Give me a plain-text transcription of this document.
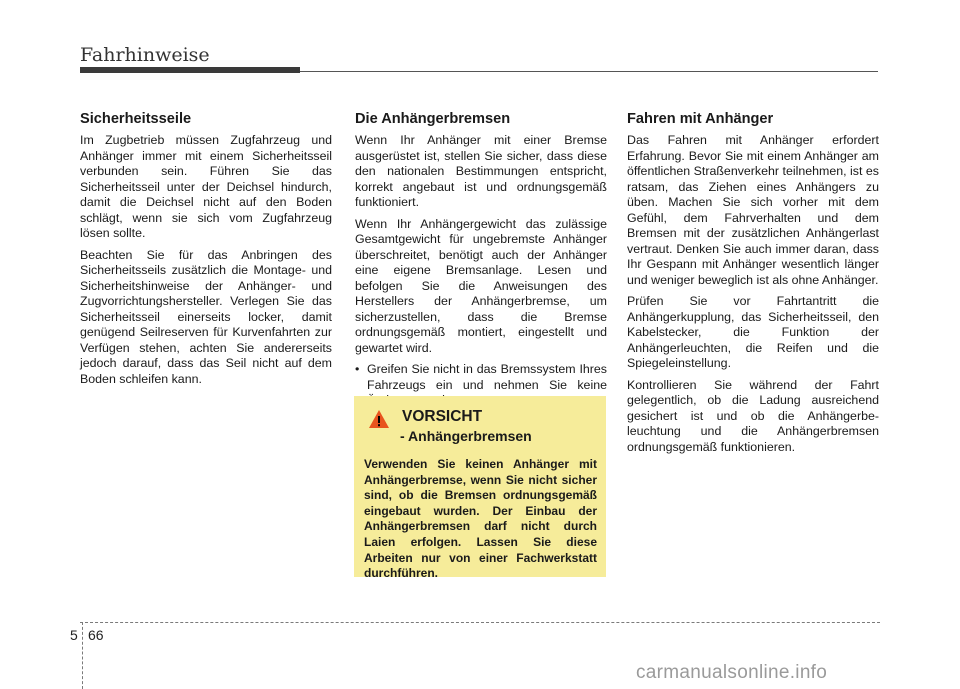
Fahrhinweise
Sicherheitsseile

Im Zugbetrieb müssen Zugfahrzeug und Anhänger immer mit einem Sicherheitsseil verbunden sein. Führen Sie das Sicherheitsseil unter der Deichsel hindurch, damit die Deichsel nicht auf den Boden schlägt, wenn sie sich vom Zugfahrzeug lösen sollte.

Beachten Sie für das Anbringen des Sicherheitsseils zusätzlich die Montage- und Sicherheitshinweise der Anhänger- und Zugvorrichtungshersteller. Verlegen Sie das Sicherheitsseil einerseits locker, damit genügend Seilreserven für Kurvenfahrten zur Verfügen stehen, achten Sie andererseits jedoch darauf, dass das Seil nicht auf dem Boden schleifen kann.

Die Anhängerbremsen

Wenn Ihr Anhänger mit einer Bremse ausgerüstet ist, stellen Sie sicher, dass diese den nationalen Bestimmungen entspricht, korrekt angebaut ist und ordnungsgemäß funktioniert.

Wenn Ihr Anhängergewicht das zulässige Gesamtgewicht für ungebremste Anhänger überschreitet, benötigt auch der Anhänger eine eigene Bremsanlage. Lesen und befolgen Sie die Anweisungen des Herstellers der Anhängerbremse, um sicherzustellen, dass die Bremse ordnungsgemäß montiert, eingestellt und gewartet wird.

• Greifen Sie nicht in das Bremssystem Ihres Fahrzeugs ein und nehmen Sie keine
VORSICHT
- Anhängerbremsen
Verwenden Sie keinen Anhänger mit Anhängerbremse, wenn Sie nicht sicher sind, ob die Bremsen ordnungsgemäß eingebaut wurden. Der Einbau der Anhängerbremsen darf nicht durch Laien erfolgen. Lassen Sie diese Arbeiten nur von einer Fachwerkstatt durchführen.
Fahren mit Anhänger

Das Fahren mit Anhänger erfordert Erfahrung. Bevor Sie mit einem Anhänger am öffentlichen Straßenverkehr teilnehmen, ist es ratsam, das Ziehen eines Anhängers zu üben. Machen Sie sich vorher mit dem Gefühl, dem Fahrverhalten und dem Bremsen mit der zusätzlichen Anhängerlast vertraut. Denken Sie auch immer daran, dass Ihr Gespann mit Anhänger wesentlich länger und weniger beweglich ist als ohne Anhänger.

Prüfen Sie vor Fahrtantritt die Anhängerkupplung, das Sicherheitsseil, den Kabelstecker, die Funktion der Anhängerleuchten, die Reifen und die Spiegeleinstellung.

Kontrollieren Sie während der Fahrt gelegentlich, ob die Ladung ausreichend gesichert ist und ob die Anhängerbe-leuchtung und die Anhängerbremsen ordnungsgemäß funktionieren.

5 66
carmanualsonline.info
